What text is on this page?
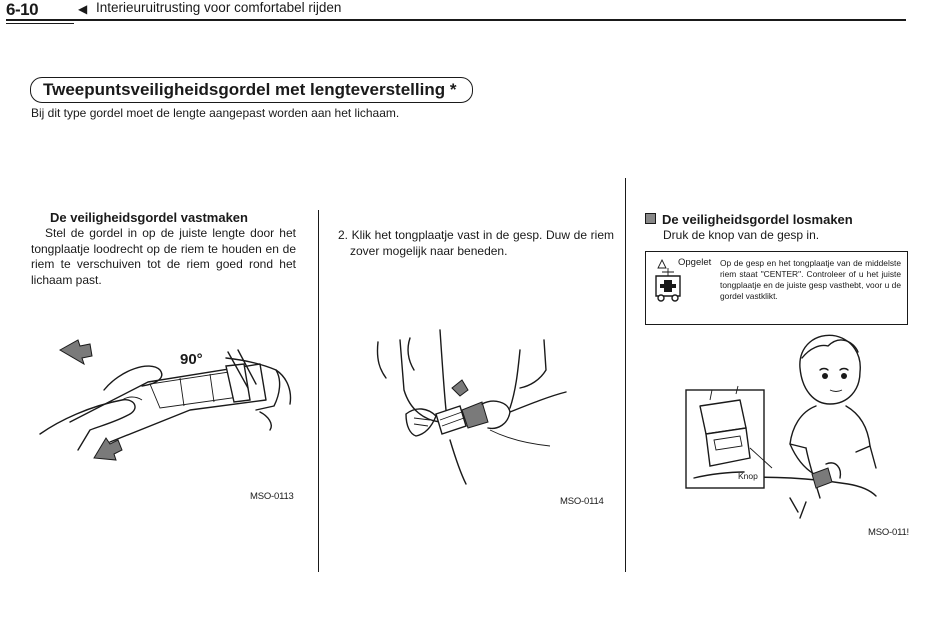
6-10	◀ Interieuruitrusting voor comfortabel rijden
Tweepuntsveiligheidsgordel met lengteverstelling *
Bij dit type gordel moet de lengte aangepast worden aan het lichaam.
De veiligheidsgordel vastmaken
Stel de gordel in op de juiste lengte door het tongplaatje loodrecht op de riem te houden en de riem te verschuiven tot de riem goed rond het lichaam past.
90°
MSO-0113
2. Klik het tongplaatje vast in de gesp. Duw de riem zover mogelijk naar beneden.
MSO-0114
De veiligheidsgordel losmaken
Druk de knop van de gesp in.
Opgelet Op de gesp en het tongplaatje van de middelste riem staat "CENTER". Controleer of u het juiste tongplaatje en de juiste gesp vasthebt, voor u de gordel vastklikt.
Knop
MSO-011!
